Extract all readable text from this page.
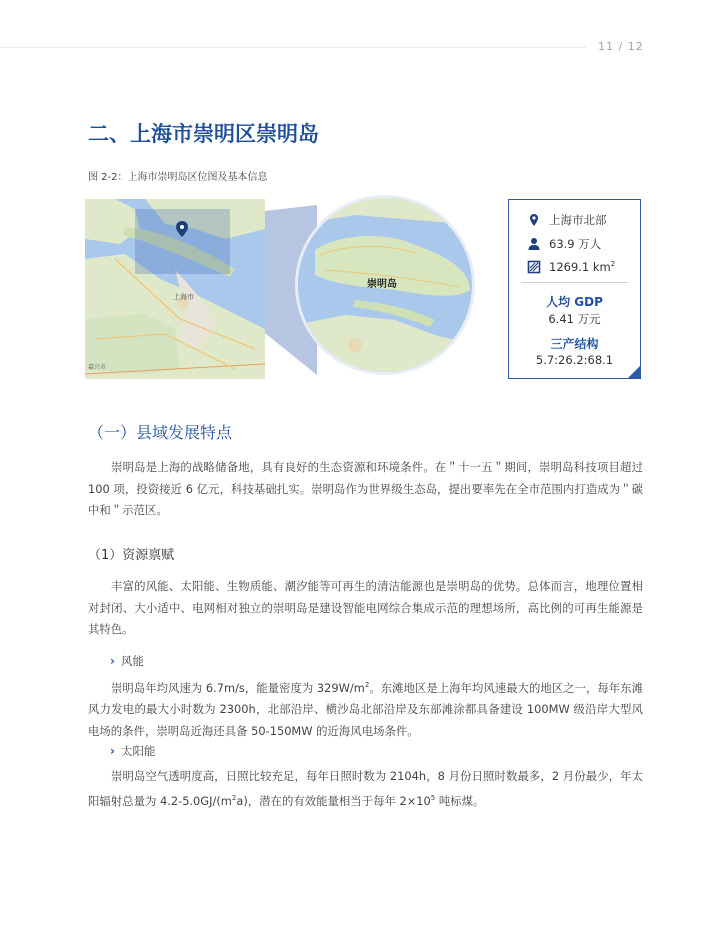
11 / 12
二、上海市崇明区崇明岛
图 2-2：上海市崇明岛区位图及基本信息
上海市
嘉兴市
崇明岛
上海市北部
63.9 万人
1269.1 $km^2$
人均 GDP
6.41 万元
三产结构
5.7:26.2:68.1
（一）县域发展特点

崇明岛是上海的战略储备地，具有良好的生态资源和环境条件。在＂十一五＂期间，崇明岛科技项目超过 100 项，投资接近 6 亿元，科技基础扎实。崇明岛作为世界级生态岛，提出要率先在全市范围内打造成为＂碳中和＂示范区。

（1）资源禀赋

丰富的风能、太阳能、生物质能、潮汐能等可再生的清洁能源也是崇明岛的优势。总体而言，地理位置相对封闭、大小适中、电网相对独立的崇明岛是建设智能电网综合集成示范的理想场所，高比例的可再生能源是其特色。

› 风能

崇明岛年均风速为 6.7m/s，能量密度为 $329W/m^2$。东滩地区是上海年均风速最大的地区之一，每年东滩风力发电的最大小时数为 2300h，北部沿岸、横沙岛北部沿岸及东部滩涂都具备建设 100MW 级沿岸大型风电场的条件，崇明岛近海还具备 50-150MW 的近海风电场条件。

› 太阳能

崇明岛空气透明度高，日照比较充足，每年日照时数为 2104h，8 月份日照时数最多，2 月份最少，年太阳辐射总量为 $4.2-5.0GJ/(m^2a)$，潜在的有效能量相当于每年 $2\times 10^5$ 吨标煤。
